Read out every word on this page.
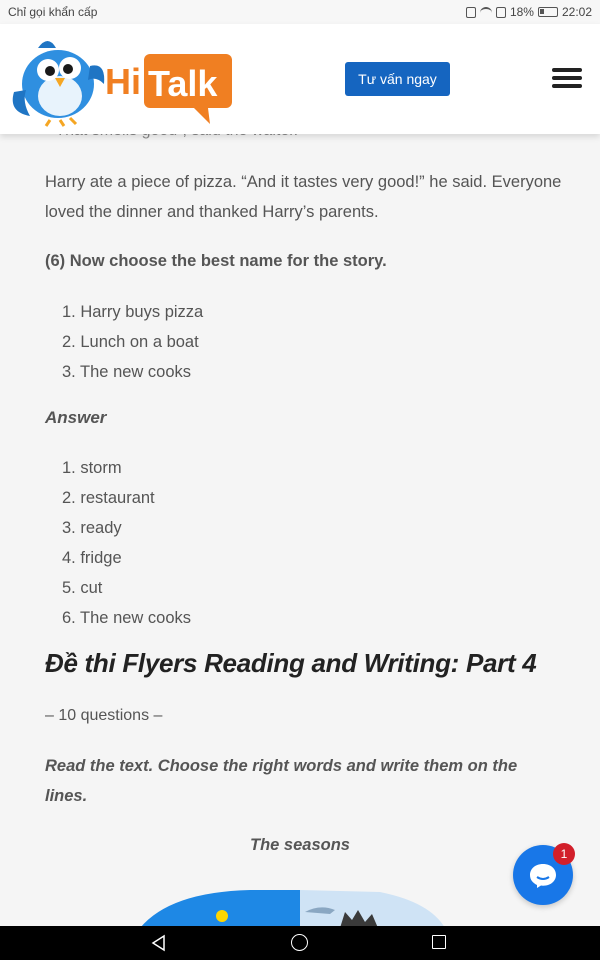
Chỉ gọi khẩn cấp	18% 22:02
Hi Talk	Tư vấn ngay

Harry ate a piece of pizza. “And it tastes very good!” he said. Everyone loved the dinner and thanked Harry’s parents.

(6) Now choose the best name for the story.
1. Harry buys pizza
2. Lunch on a boat
3. The new cooks
Answer
1. storm
2. restaurant
3. ready
4. fridge
5. cut
6. The new cooks
Đề thi Flyers Reading and Writing: Part 4
– 10 questions –

Read the text. Choose the right words and write them on the lines.

The seasons	1
